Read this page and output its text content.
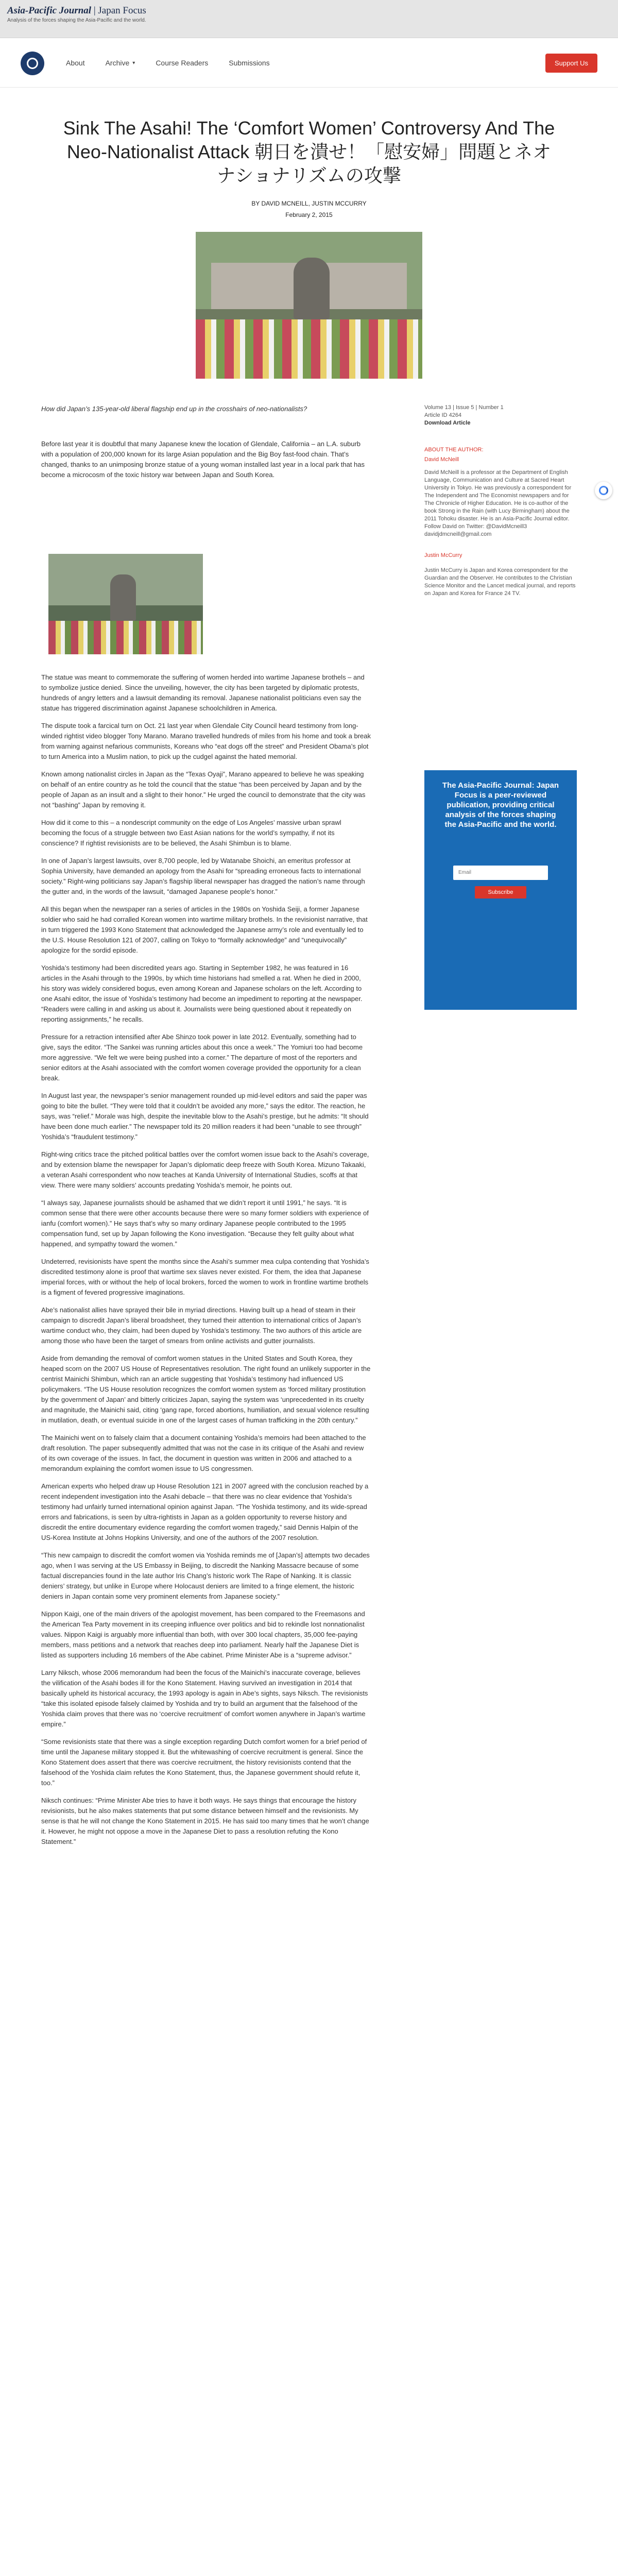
Asia-Pacific Journal | Japan Focus
Analysis of the forces shaping the Asia-Pacific and the world.
About	Archive ▾	Course Readers	Submissions	Support Us
Sink The Asahi! The ‘Comfort Women’ Controversy And The Neo-Nationalist Attack 朝日を潰せ！「慰安婦」問題とネオナショナリズムの攻撃
BY DAVID MCNEILL, JUSTIN MCCURRY
February 2, 2015
How did Japan’s 135-year-old liberal flagship end up in the crosshairs of neo-nationalists?

Before last year it is doubtful that many Japanese knew the location of Glendale, California – an L.A. suburb with a population of 200,000 known for its large Asian population and the Big Boy fast-food chain. That’s changed, thanks to an unimposing bronze statue of a young woman installed last year in a local park that has become a microcosm of the toxic history war between Japan and South Korea.

The statue was meant to commemorate the suffering of women herded into wartime Japanese brothels – and to symbolize justice denied. Since the unveiling, however, the city has been targeted by diplomatic protests, hundreds of angry letters and a lawsuit demanding its removal. Japanese nationalist politicians even say the statue has triggered discrimination against Japanese schoolchildren in America.

The dispute took a farcical turn on Oct. 21 last year when Glendale City Council heard testimony from long-winded rightist video blogger Tony Marano. Marano travelled hundreds of miles from his home and took a break from warning against nefarious communists, Koreans who “eat dogs off the street” and President Obama’s plot to turn America into a Muslim nation, to pick up the cudgel against the hated memorial.

Known among nationalist circles in Japan as the “Texas Oyaji”, Marano appeared to believe he was speaking on behalf of an entire country as he told the council that the statue “has been perceived by Japan and by the people of Japan as an insult and a slight to their honor.” He urged the council to demonstrate that the city was not “bashing” Japan by removing it.

How did it come to this – a nondescript community on the edge of Los Angeles’ massive urban sprawl becoming the focus of a struggle between two East Asian nations for the world’s sympathy, if not its conscience? If rightist revisionists are to be believed, the Asahi Shimbun is to blame.

In one of Japan’s largest lawsuits, over 8,700 people, led by Watanabe Shoichi, an emeritus professor at Sophia University, have demanded an apology from the Asahi for “spreading erroneous facts to international society.” Right-wing politicians say Japan’s flagship liberal newspaper has dragged the nation’s name through the gutter and, in the words of the lawsuit, “damaged Japanese people’s honor.”

All this began when the newspaper ran a series of articles in the 1980s on Yoshida Seiji, a former Japanese soldier who said he had corralled Korean women into wartime military brothels. In the revisionist narrative, that in turn triggered the 1993 Kono Statement that acknowledged the Japanese army’s role and eventually led to the U.S. House Resolution 121 of 2007, calling on Tokyo to “formally acknowledge” and “unequivocally” apologize for the sordid episode.

Yoshida’s testimony had been discredited years ago. Starting in September 1982, he was featured in 16 articles in the Asahi through to the 1990s, by which time historians had smelled a rat. When he died in 2000, his story was widely considered bogus, even among Korean and Japanese scholars on the left. According to one Asahi editor, the issue of Yoshida’s testimony had become an impediment to reporting at the newspaper. “Readers were calling in and asking us about it. Journalists were being questioned about it repeatedly on reporting assignments,” he recalls.

Pressure for a retraction intensified after Abe Shinzo took power in late 2012. Eventually, something had to give, says the editor. “The Sankei was running articles about this once a week.” The Yomiuri too had become more aggressive. “We felt we were being pushed into a corner.” The departure of most of the reporters and senior editors at the Asahi associated with the comfort women coverage provided the opportunity for a clean break.

In August last year, the newspaper’s senior management rounded up mid-level editors and said the paper was going to bite the bullet. “They were told that it couldn’t be avoided any more,” says the editor. The reaction, he says, was “relief.” Morale was high, despite the inevitable blow to the Asahi’s prestige, but he admits: “It should have been done much earlier.” The newspaper told its 20 million readers it had been “unable to see through” Yoshida’s “fraudulent testimony.”

Right-wing critics trace the pitched political battles over the comfort women issue back to the Asahi’s coverage, and by extension blame the newspaper for Japan’s diplomatic deep freeze with South Korea. Mizuno Takaaki, a veteran Asahi correspondent who now teaches at Kanda University of International Studies, scoffs at that view. There were many soldiers’ accounts predating Yoshida’s memoir, he points out.

“I always say, Japanese journalists should be ashamed that we didn’t report it until 1991,” he says. “It is common sense that there were other accounts because there were so many former soldiers with experience of ianfu (comfort women).” He says that’s why so many ordinary Japanese people contributed to the 1995 compensation fund, set up by Japan following the Kono investigation. “Because they felt guilty about what happened, and sympathy toward the women.”

Undeterred, revisionists have spent the months since the Asahi’s summer mea culpa contending that Yoshida’s discredited testimony alone is proof that wartime sex slaves never existed. For them, the idea that Japanese imperial forces, with or without the help of local brokers, forced the women to work in frontline wartime brothels is a figment of fevered progressive imaginations.

Abe’s nationalist allies have sprayed their bile in myriad directions. Having built up a head of steam in their campaign to discredit Japan’s liberal broadsheet, they turned their attention to international critics of Japan’s wartime conduct who, they claim, had been duped by Yoshida’s testimony. The two authors of this article are among those who have been the target of smears from online activists and gutter journalists.

Aside from demanding the removal of comfort women statues in the United States and South Korea, they heaped scorn on the 2007 US House of Representatives resolution. The right found an unlikely supporter in the centrist Mainichi Shimbun, which ran an article suggesting that Yoshida’s testimony had influenced US policymakers. “The US House resolution recognizes the comfort women system as ‘forced military prostitution by the government of Japan’ and bitterly criticizes Japan, saying the system was ‘unprecedented in its cruelty and magnitude, the Mainichi said, citing ‘gang rape, forced abortions, humiliation, and sexual violence resulting in mutilation, death, or eventual suicide in one of the largest cases of human trafficking in the 20th century.”

The Mainichi went on to falsely claim that a document containing Yoshida’s memoirs had been attached to the draft resolution. The paper subsequently admitted that was not the case in its critique of the Asahi and review of its own coverage of the issues. In fact, the document in question was written in 2006 and attached to a memorandum explaining the comfort women issue to US congressmen.

American experts who helped draw up House Resolution 121 in 2007 agreed with the conclusion reached by a recent independent investigation into the Asahi debacle – that there was no clear evidence that Yoshida’s testimony had unfairly turned international opinion against Japan. “The Yoshida testimony, and its wide-spread errors and fabrications, is seen by ultra-rightists in Japan as a golden opportunity to reverse history and discredit the entire documentary evidence regarding the comfort women tragedy,” said Dennis Halpin of the US-Korea Institute at Johns Hopkins University, and one of the authors of the 2007 resolution.

“This new campaign to discredit the comfort women via Yoshida reminds me of [Japan’s] attempts two decades ago, when I was serving at the US Embassy in Beijing, to discredit the Nanking Massacre because of some factual discrepancies found in the late author Iris Chang’s historic work The Rape of Nanking. It is classic deniers’ strategy, but unlike in Europe where Holocaust deniers are limited to a fringe element, the historic deniers in Japan contain some very prominent elements from Japanese society.”

Nippon Kaigi, one of the main drivers of the apologist movement, has been compared to the Freemasons and the American Tea Party movement in its creeping influence over politics and bid to rekindle lost nonnationalist values. Nippon Kaigi is arguably more influential than both, with over 300 local chapters, 35,000 fee-paying members, mass petitions and a network that reaches deep into parliament. Nearly half the Japanese Diet is listed as supporters including 16 members of the Abe cabinet. Prime Minister Abe is a “supreme advisor.”

Larry Niksch, whose 2006 memorandum had been the focus of the Mainichi’s inaccurate coverage, believes the vilification of the Asahi bodes ill for the Kono Statement. Having survived an investigation in 2014 that basically upheld its historical accuracy, the 1993 apology is again in Abe’s sights, says Niksch. The revisionists “take this isolated episode falsely claimed by Yoshida and try to build an argument that the falsehood of the Yoshida claim proves that there was no ‘coercive recruitment’ of comfort women anywhere in Japan’s wartime empire.”

“Some revisionists state that there was a single exception regarding Dutch comfort women for a brief period of time until the Japanese military stopped it. But the whitewashing of coercive recruitment is general. Since the Kono Statement does assert that there was coercive recruitment, the history revisionists contend that the falsehood of the Yoshida claim refutes the Kono Statement, thus, the Japanese government should refute it, too.”

Niksch continues: “Prime Minister Abe tries to have it both ways. He says things that encourage the history revisionists, but he also makes statements that put some distance between himself and the revisionists. My sense is that he will not change the Kono Statement in 2015. He has said too many times that he won’t change it. However, he might not oppose a move in the Japanese Diet to pass a resolution refuting the Kono Statement.”

Volume 13 | Issue 5 | Number 1
Article ID 4264
Download Article
ABOUT THE AUTHOR:
David McNeill
David McNeill is a professor at the Department of English Language, Communication and Culture at Sacred Heart University in Tokyo. He was previously a correspondent for The Independent and The Economist newspapers and for The Chronicle of Higher Education. He is co-author of the book Strong in the Rain (with Lucy Birmingham) about the 2011 Tohoku disaster. He is an Asia-Pacific Journal editor. Follow David on Twitter: @DavidMcneill3 davidjdmcneill@gmail.com
Justin McCurry
Justin McCurry is Japan and Korea correspondent for the Guardian and the Observer. He contributes to the Christian Science Monitor and the Lancet medical journal, and reports on Japan and Korea for France 24 TV.
The Asia-Pacific Journal: Japan Focus is a peer-reviewed publication, providing critical analysis of the forces shaping the Asia-Pacific and the world.
Email
Subscribe
